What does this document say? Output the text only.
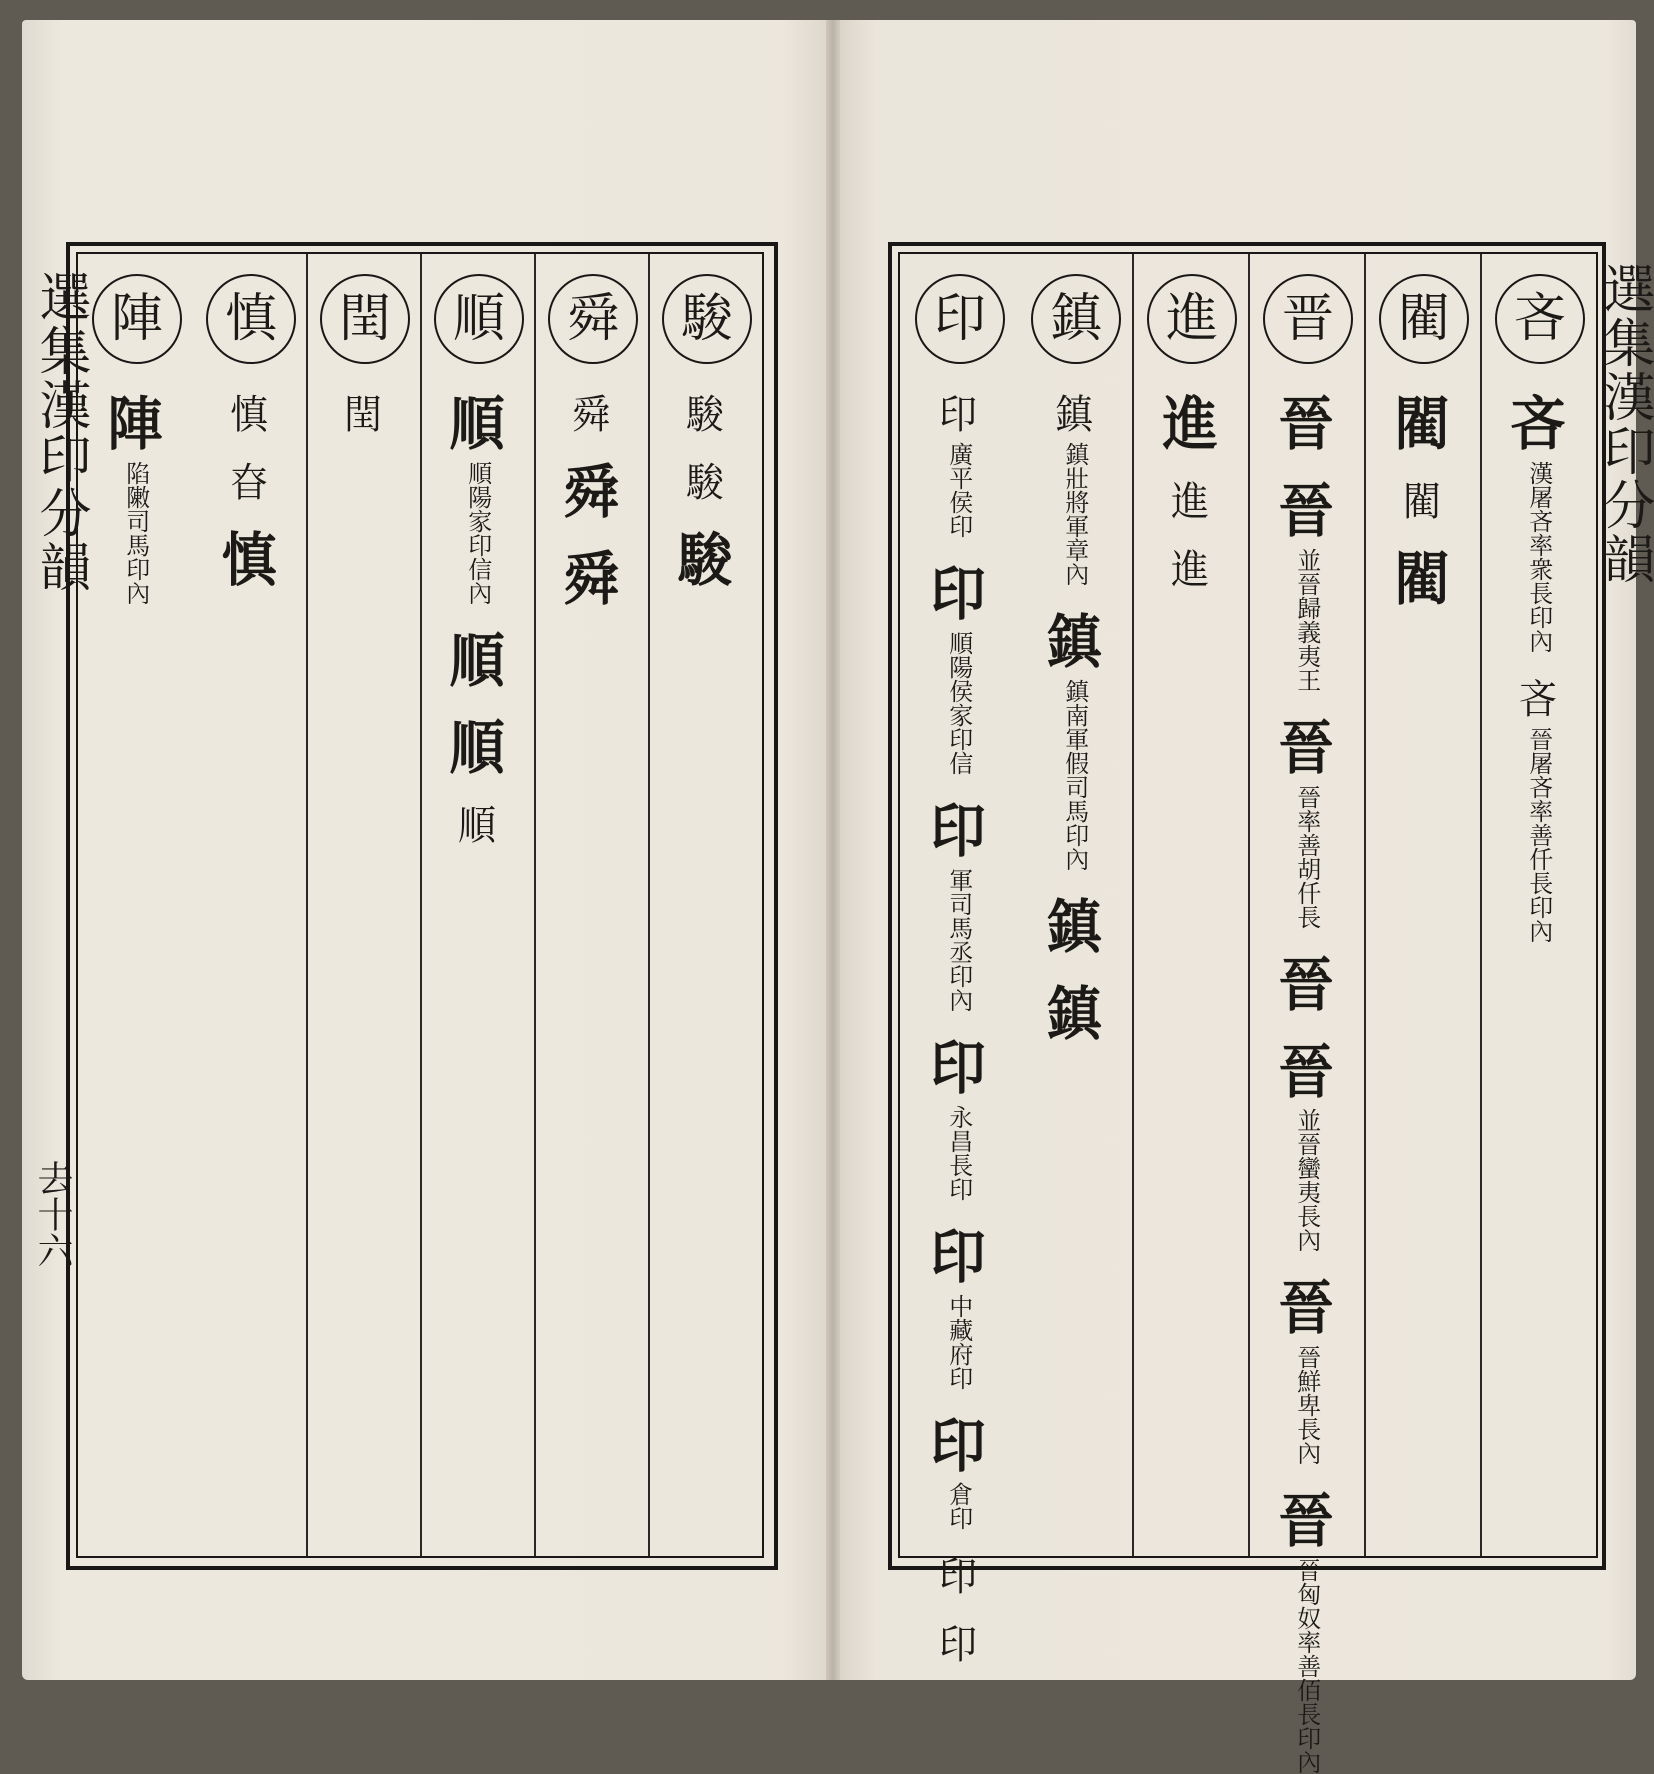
選集漢印分韻
去十六
駿
駿
駿
駿
舜
舜
舜
舜
順
順
順陽家印信內
順
順
順
閏
閏
慎
慎
昚
慎
陣
陣
陷敶司馬印內	選集漢印分韻
吝
吝
漢屠吝率衆長印內
吝
晉屠吝率善仟長印內
閵
閵
閵
閵
晋
晉
晉
並晉歸義夷王
晉
晉率善胡仟長
晉
晉
並晉蠻夷長內
晉
晉鮮卑長內
晉
晉匈奴率善佰長印內
進
進
進
進
鎮
鎮
鎮壯將軍章內
鎮
鎮南軍假司馬印內
鎮
鎮
印
印
廣平侯印
印
順陽侯家印信
印
軍司馬丞印內
印
永昌長印
印
中藏府印
印
倉印
印
印
